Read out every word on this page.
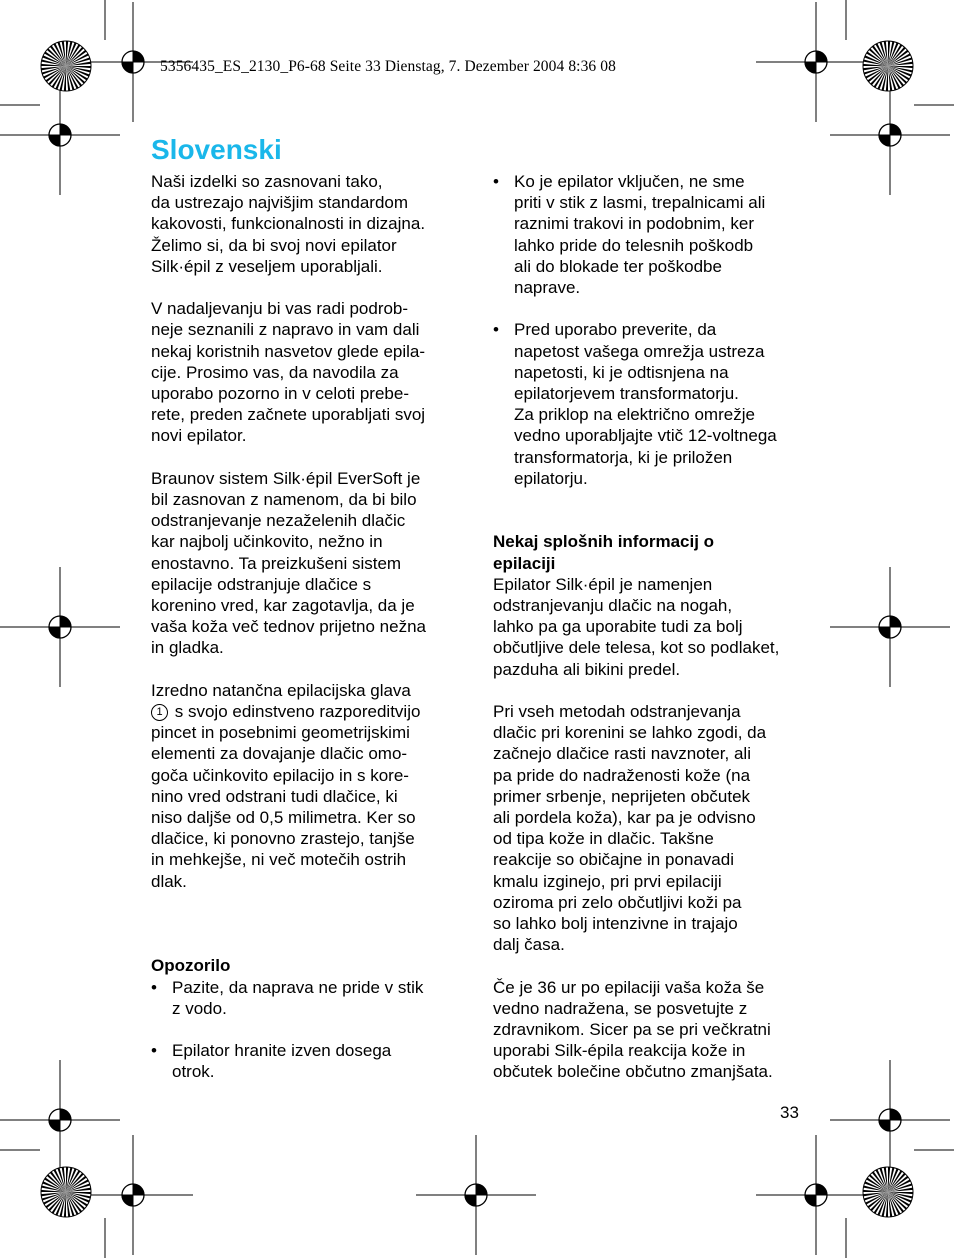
5356435_ES_2130_P6-68 Seite 33 Dienstag, 7. Dezember 2004 8:36 08
Slovenski
Naši izdelki so zasnovani tako,
da ustrezajo najvišjim standardom
kakovosti, funkcionalnosti in dizajna.
Želimo si, da bi svoj novi epilator
Silk·épil z veseljem uporabljali.
V nadaljevanju bi vas radi podrob-
neje seznanili z napravo in vam dali
nekaj koristnih nasvetov glede epila-
cije. Prosimo vas, da navodila za
uporabo pozorno in v celoti prebe-
rete, preden začnete uporabljati svoj
novi epilator.
Braunov sistem Silk·épil EverSoft je
bil zasnovan z namenom, da bi bilo
odstranjevanje nezaželenih dlačic
kar najbolj učinkovito, nežno in
enostavno. Ta preizkušeni sistem
epilacije odstranjuje dlačice s
korenino vred, kar zagotavlja, da je
vaša koža več tednov prijetno nežna
in gladka.
Izredno natančna epilacijska glava
1 s svojo edinstveno razporeditvijo
pincet in posebnimi geometrijskimi
elementi za dovajanje dlačic omo-
goča učinkovito epilacijo in s kore-
nino vred odstrani tudi dlačice, ki
niso daljše od 0,5 milimetra. Ker so
dlačice, ki ponovno zrastejo, tanjše
in mehkejše, ni več motečih ostrih
dlak.
Opozorilo
• Pazite, da naprava ne pride v stik
z vodo.
• Epilator hranite izven dosega
otrok.
• Ko je epilator vključen, ne sme
priti v stik z lasmi, trepalnicami ali
raznimi trakovi in podobnim, ker
lahko pride do telesnih poškodb
ali do blokade ter poškodbe
naprave.
• Pred uporabo preverite, da
napetost vašega omrežja ustreza
napetosti, ki je odtisnjena na
epilatorjevem transformatorju.
Za priklop na električno omrežje
vedno uporabljajte vtič 12-voltnega
transformatorja, ki je priložen
epilatorju.
Nekaj splošnih informacij o
epilaciji
Epilator Silk·épil je namenjen
odstranjevanju dlačic na nogah,
lahko pa ga uporabite tudi za bolj
občutljive dele telesa, kot so podlaket,
pazduha ali bikini predel.
Pri vseh metodah odstranjevanja
dlačic pri korenini se lahko zgodi, da
začnejo dlačice rasti navznoter, ali
pa pride do nadraženosti kože (na
primer srbenje, neprijeten občutek
ali pordela koža), kar pa je odvisno
od tipa kože in dlačic. Takšne
reakcije so običajne in ponavadi
kmalu izginejo, pri prvi epilaciji
oziroma pri zelo občutljivi koži pa
so lahko bolj intenzivne in trajajo
dalj časa.
Če je 36 ur po epilaciji vaša koža še
vedno nadražena, se posvetujte z
zdravnikom. Sicer pa se pri večkratni
uporabi Silk-épila reakcija kože in
občutek bolečine občutno zmanjšata.
33
